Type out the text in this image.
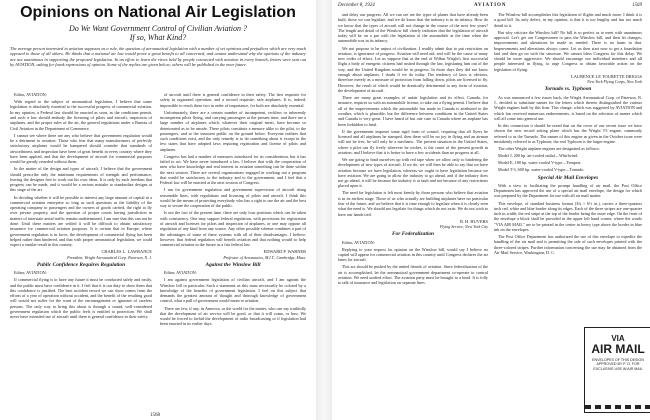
Opinions on National Air Legislation
Do We Want Government Control of Civilian Aviation ?
If so, What Kind?
The average person interested in aviation supposes as a rule, the question of aeronautical legislation with a number of set opinions and prejudices which are very much opposed to those of all others. He thinks that a national air law would prove a great benefit to all concerned, and cannot understand why the opinions of the industry are not unanimous in supporting the proposed legislation. In an effort to learn the views held by people connected with aviation in every branch, letters were sent out by AVIATION, asking for frank expressions of opinion. Some of the replies are given below; others will be published in the near future.

Editor, AVIATION:

With regard to the subject of aeronautical legislation, I believe that some legislation is absolutely essential to the successful progress of commercial aviation. In my opinion, a Federal law should be enacted as soon, as the conditions permit, and such a law should embody the licensing of pilots and aircraft, inspection of airplanes, and the proper rules of the air, the general regulations under a Bureau of Civil Aviation in the Department of Commerce.

I cannot see where there are any who believe that government regulation would be a detriment to aviation. Those who fear that many manufacturers of perfectly satisfactory airplanes would be hampered should consider that standards of airworthiness and inspection have been of great benefit in every country where they have been applied, and that the development of aircraft for commercial purposes would be greatly retarded without them.

In the matter of the design and types of aircraft, I believe that the government should prescribe only the minimum requirements of strength and performance, leaving the designer free to work out his own ideas. It is only by such freedom that progress can be made, and it would be a serious mistake to standardize designs at this stage of the art.

In deciding whether it will be possible to interest any large amount of capital in a commercial aviation enterprise so long as such questions as the liability of the operating company to passengers and the owners of goods carried, the right to fly over private property, and the question of proper courts having jurisdiction in matters of interstate aerial traffic remain undetermined, I am sure that this can not be done. Until these matters are settled it will be difficult to obtain satisfactory insurance for commercial aviation purposes. It is certain that in Europe, where government regulation is in force, the development of commercial flying has been helped rather than hindered, and that with proper aeronautical legislation, we could expect a similar result in this country.

CHARLES L. LAWRANCE

President, Wright Aeronautical Corp. Paterson, N. J.

Public Confidence Requires Regulation

Editor, AVIATION:

If commercial flying is to have any future it must be conducted safely and easily, and the public must have confidence in it. I feel that it is our duty to show them that this confidence is justified. The best accident record we can show comes from the efforts of a year of operation without accident, and the benefit of the resulting good will would not suffer for the want of the encouragement or ignorant of careless persons. The only way to bring this about is through a sound, well-considered government regulation which the public feels is entitled to protection. We shall never have extended use of aircraft until there is general confidence in their safety.

of aircraft until there is general confidence in their safety. The first requisite for safety in organized operation, and a second requisite, safe airplanes. It is, indeed, impossible to reach these two in order of importance, for both are absolutely essential.

Unfortunately, there are a certain number of incompetent, reckless or inherently incompetent pilots flying, and carrying passengers at the present time, and there are a large number of airplanes which, whatever their original merit, have become so deteriorated as to be unsafe. These pilots constitute a menace alike to the pilot, to the passengers, and to the innocent public on the ground below. Everyone realizes that such conditions exist, and the only remedy is to do something about it except in the few states that have adopted laws requiring registration and license of pilots and airplanes.

Congress has had a number of measures introduced for its consideration, but it has failed to act. We have never introduced a law. I believe that with the cooperation of men who have knowledge and real interest in aviation something can be done within the next session. There are several organizations engaged in working out a program that would be satisfactory to the industry and to the government, and I feel that a Federal law will be enacted at the next session of Congress.

I am for government regulation and government supervision of aircraft along reasonable lines, with regulations and licensing of pilots and aircraft. I think this would be the means of protecting everybody who has a right to use the air and the best way to secure the cooperation of the public.

Is not the fact of the present time, there are only four positions which can be taken with consistency. One may support federal regulation, with provisions for registration of aircraft and licenses for pilots and inspection of airplanes, or one may oppose all regulation of any kind from any source. Any other possible scheme combines a part of the advantages of some of these systems with all of their disadvantages. I believe, however, that federal regulation will benefit aviation and that nothing would so help commercial aviation in the future as a fair federal law.

EDWARD P. WARNER

Professor of Aeronautics, M.I.T., Cambridge, Mass.

Against the Winslow Bill

Editor, AVIATION:

I am against government legislation of civilian aircraft, and I am against the Winslow bill in particular. Such a statement as this must necessarily be colored by a knowledge of the benefits of government legislation. I feel on this subject that demands the greatest amount of thought and thorough knowledge of government control, what a pall of government would mean to aviation.

There are few, if any, in America, or the world for the matter, who can say truthfully that the development of air service will be good, or that it will come, or how. We would be forced to forbid the development of radio broadcasting or if legislation had been enacted in its earlier days.

1568
December 8, 1924	AVIATION	1569

and delay our progress. All we can see are the types of planes that have already been built, those we can legislate, and we do know that the industry is in its infancy. How do we know that the types of aircraft will not change in the course of the next few years? The length and detail of the Winslow bill clearly indicates that the legislation of aircraft today will be on a par with the legislation of the automobile at the time when the automobile was in its infancy.

We not propose to be unjust of civilization. I readily admit that to put restriction on aviation, is ignorance of progress. Aviation will need aid, and will be the cause of many new codes of ethics. Let us suppose that at the end of Wilbur Wright's first successful flight a body of energetic citizens had rushed through the law, legislating him out of the way, and the United Kingdom would be in progress. In those days they did not know enough about airplanes, I doubt if we do today. The tendency of laws is obvious, therefore merely as a measure of protection from falling down, pilots are licensed to fly. However, the result of which would be drastically detrimental to any form of aviation, the development of aircraft.

There are many great examples of unfair legislation and its effect. Canada, for instance, requires us with an automobile license, to take out a flying permit. I believe that all of the improvements which the automobile has made in Canada is attributed to the weather, which is plausible, but the difference between conditions in the United States and Canada is very great. I have heard of but one case in Canada where an airplane has been forbidden to land.

If the government imposes some rigid form of control, requiring that all flyers be licensed and all airplanes be stamped, then there will be no joy in flying and an airman will not be free, he will only be a mechanic. The present situation in the United States, where a pilot can fly freely wherever he wishes, is the cause of the present growth in aviation; and I believe that it is better to have a few accidents than no progress at all.

We are going to bind ourselves up with red tape when we allow only to hindering the development of new types of aircraft. If we do, we will then be able to say that we have aviation because we have legislation, whereas we ought to have legislation because we have aviation. We are going to allow the industry to go ahead, and if the industry does not go ahead, it will be because the industry is at fault and not because of any restrictions placed upon it.

The need for legislation is felt most keenly by those persons who believe that aviation is in its earliest stage. Those of us who actually are building airplanes have no particular fear of the future, and we believe that it is time enough to legislate when it is clearly seen what the need is. We should not legislate for things which do not exist. We do not wish to have our hands tied.

B. H. HUVERS

Flying Service, New York City

For Federalization

Editor, AVIATION:

Replying to your request for opinion on the Winslow bill, would say I believe no capital will appear for commercial aviation in this country until Congress declares the air lanes for aircraft.

This act should be pushed by the united friends of aviation. Since federalization of the air is accomplished, let the aeronautical government department co-operate to control aviation. We need unified effort. The aviation party must be brought to a head. It is folly to talk of insurance and legislation on separate lines.

The Winslow bill accomplishes this legislation of flights and much more. I think it is a good bill. Its only defect, in my opinion, is that it is too lengthy and has too much detail in it.

But why criticize the Winslow bill? No bill is so perfect as to meet with unanimous approval. Let's get our Congressmen to pass the Winslow bill, and then let changes, improvements and alterations be made as needed. There is no harm in that. Improvements and alterations always come. Let us then start now to get a foundation laid and then go on with the structure. We cannot bless Congress for this delay. We should be more aggressive. We should encourage our individual members and all people interested in flying, to urge Congress to obtain favorable action on the legislation of flying.

LAURENCE LE TOURETTE DRIGGS

New York Flying Corps, New York

Tornado vs. Typhoon

As was announced a few issues back, the Wright Aeronautical Corp. of Paterson, N. J., decided to substitute names for the letters which thereto distinguished the various Wright engines built by this firm. This change, which was suggested by AVIATION and which has received numerous endorsements, is based on the selection of names which will all come into general use.

In this connection it should be noted that on the cover of our recent issue we have shown the new record setting plane which has the Wright T3 engine, commonly referred to as the Tornado. The names of this engine as given in the October issue were mistakenly referred to as Typhoon; the real Typhoon is the larger engine.

The other Wright airplane engines are designated as follows:

Model J, 200 hp. air-cooled radial—Whirlwind.

Model E, 180 hp. water-cooled V-type—Tempest.

Model T-3, 600 hp. water-cooled V-type—Tornado.

Special Air Mail Envelopes

With a view to facilitating the prompt handling of air mail, the Post Office Department has approved the use of a special air mail envelope, the design for which was prepared by the Department for use with all air mail matter.

This envelope, of standard business format (3¾ × 6½ in.), carries a three-quarters inch red, white and blue border along its edges. Each of the three stripes are one-quarter inch in width; the red stripe at the top of the border being the outer edge. On the front of the envelope a block shall be provided in the upper left hand corner, where the words "VIA AIR MAIL" are to be printed in the center in heavy type above the border in blue ink on the envelopes.

The Post Office Department has authorized the use of this envelope to expedite the handling of the air mail and is permitting the sale of such envelopes printed with the three-colored stripes. Further information concerning the use may be obtained from the Air Mail Service, Washington, D. C.

VIA
AIR MAIL
ENVELOPES OF THIS DESIGN APPROVED BY P. O. FOR EXCLUSIVE USE IN AIR MAIL
